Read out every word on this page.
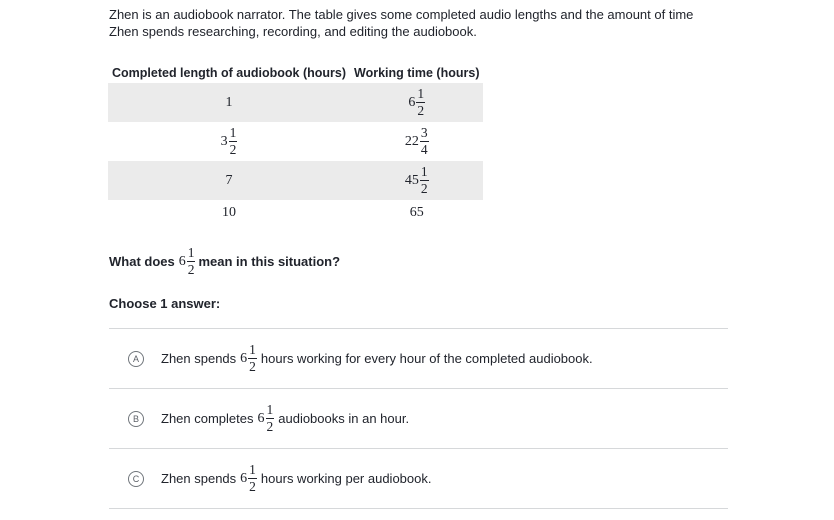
Zhen is an audiobook narrator. The table gives some completed audio lengths and the amount of time Zhen spends researching, recording, and editing the audiobook.
Completed length of audiobook (hours)	Working time (hours)

1	$6 \frac{1}{2}$

$3 \frac{1}{2}$	$22 \frac{3}{4}$

7	$45 \frac{1}{2}$

10	65
What does $6 \frac{1}{2}$ mean in this situation?
Choose 1 answer:
A	Zhen spends $6 \frac{1}{2}$ hours working for every hour of the completed audiobook.
B	Zhen completes $6 \frac{1}{2}$ audiobooks in an hour.
C	Zhen spends $6 \frac{1}{2}$ hours working per audiobook.
